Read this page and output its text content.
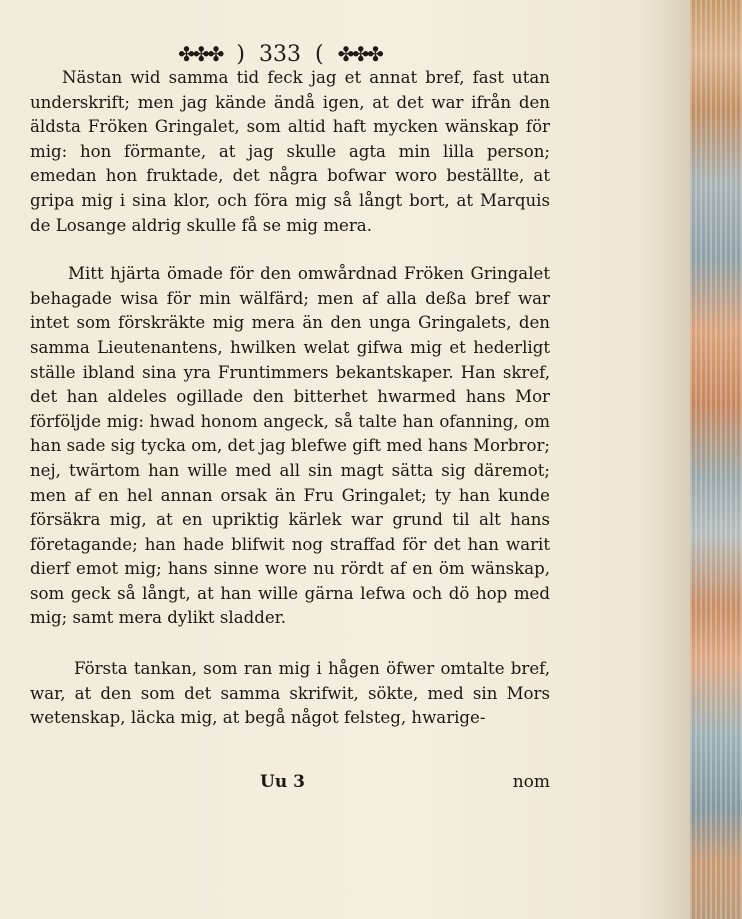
✤✤✤ ) 333 ( ✤✤✤

Nästan wid samma tid feck jag et annat bref, fast utan underskrift; men jag kände ändå igen, at det war ifrån den äldsta Fröken Gringalet, som altid haft mycken wänskap för mig: hon förmante, at jag skulle agta min lilla person; emedan hon fruktade, det några bofwar woro beställte, at gripa mig i sina klor, och föra mig så långt bort, at Marquis de Losange aldrig skulle få se mig mera.

Mitt hjärta ömade för den omwårdnad Fröken Gringalet behagade wisa för min wälfärd; men af alla deßa bref war intet som förskräkte mig mera än den unga Gringalets, den samma Lieutenantens, hwilken welat gifwa mig et hederligt ställe ibland sina yra Fruntimmers bekantskaper. Han skref, det han aldeles ogillade den bitterhet hwarmed hans Mor förföljde mig: hwad honom angeck, så talte han ofanning, om han sade sig tycka om, det jag blefwe gift med hans Morbror; nej, twärtom han wille med all sin magt sätta sig däremot; men af en hel annan orsak än Fru Gringalet; ty han kunde försäkra mig, at en upriktig kärlek war grund til alt hans företagande; han hade blifwit nog straffad för det han warit dierf emot mig; hans sinne wore nu rördt af en öm wänskap, som geck så långt, at han wille gärna lefwa och dö hop med mig; samt mera dylikt sladder.

Första tankan, som ran mig i hågen öfwer omtalte bref, war, at den som det samma skrifwit, sökte, med sin Mors wetenskap, läcka mig, at begå något felsteg, hwarige-

Uu 3	nom
